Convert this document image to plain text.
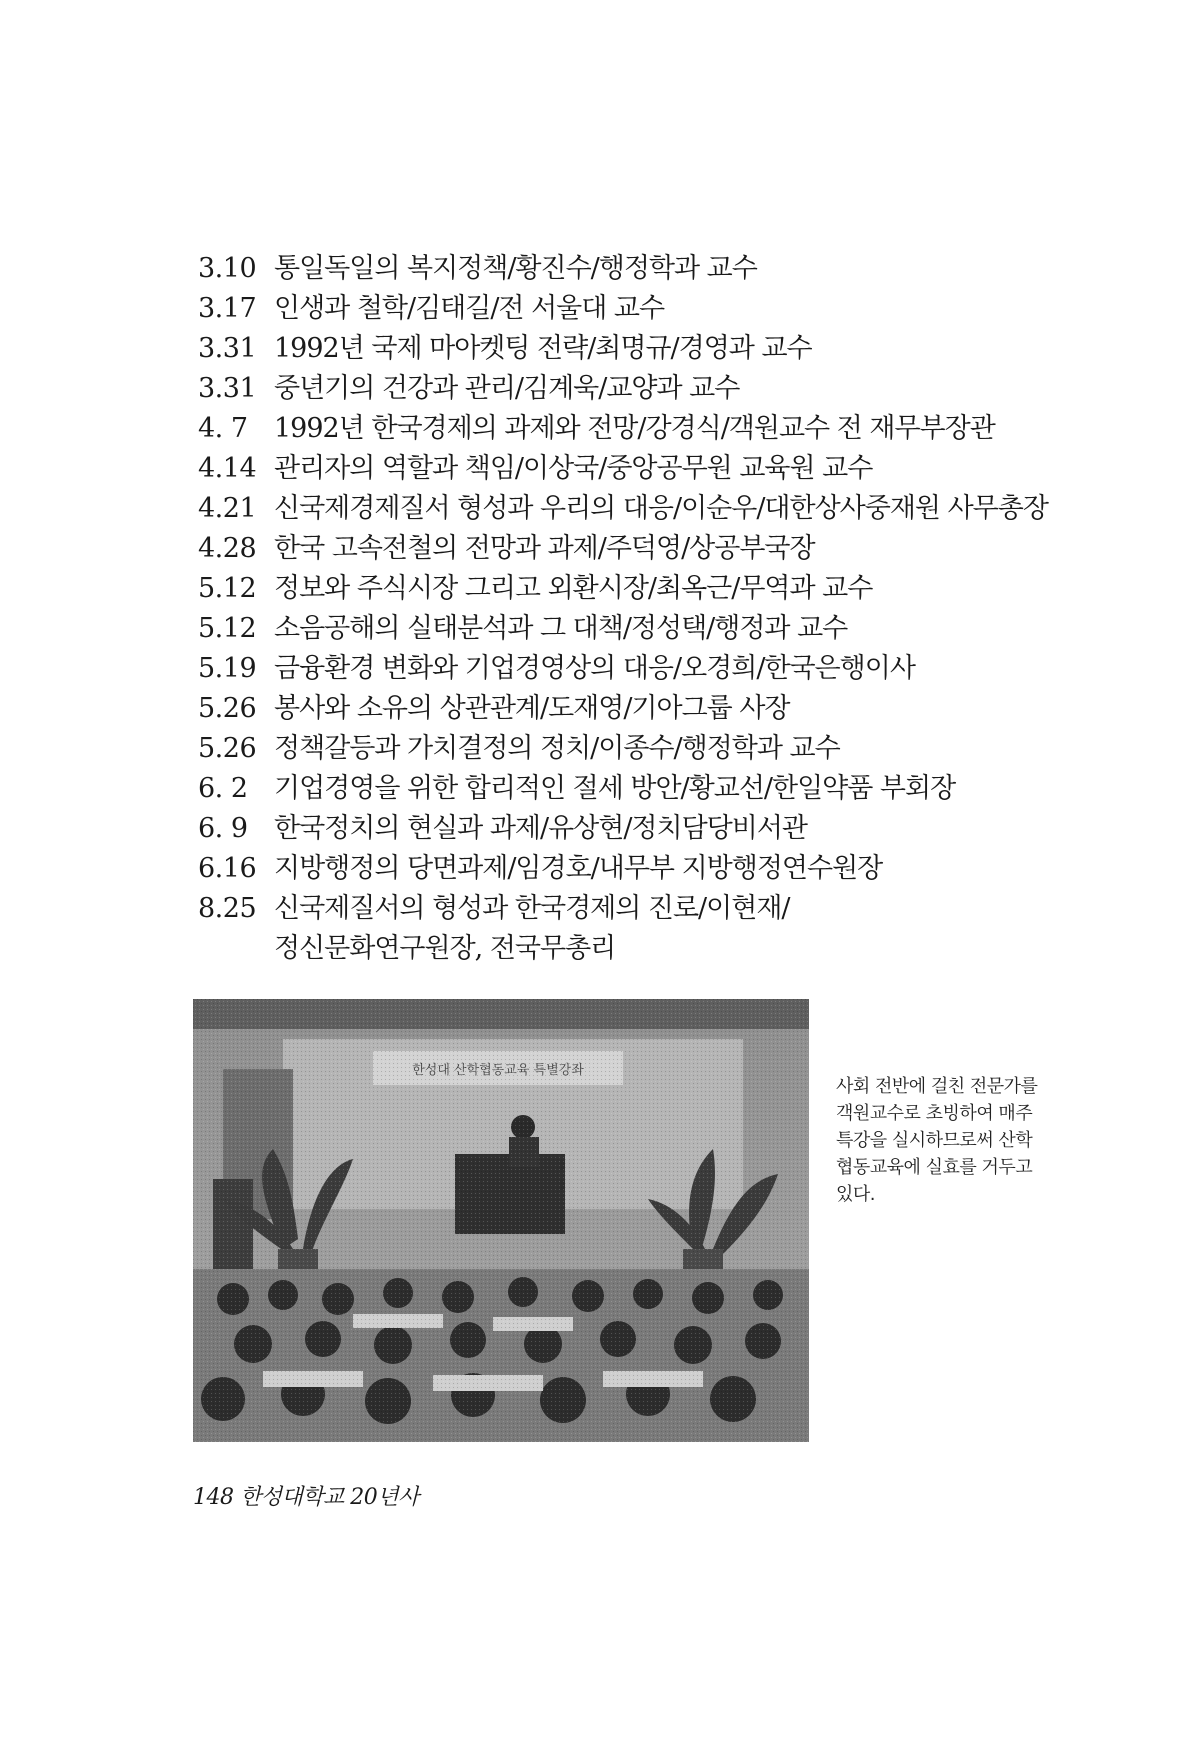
3.10 통일독일의 복지정책/황진수/행정학과 교수
3.17 인생과 철학/김태길/전 서울대 교수
3.31 1992년 국제 마아켓팅 전략/최명규/경영과 교수
3.31 중년기의 건강과 관리/김계욱/교양과 교수
4. 7 1992년 한국경제의 과제와 전망/강경식/객원교수 전 재무부장관
4.14 관리자의 역할과 책임/이상국/중앙공무원 교육원 교수
4.21 신국제경제질서 형성과 우리의 대응/이순우/대한상사중재원 사무총장
4.28 한국 고속전철의 전망과 과제/주덕영/상공부국장
5.12 정보와 주식시장 그리고 외환시장/최옥근/무역과 교수
5.12 소음공해의 실태분석과 그 대책/정성택/행정과 교수
5.19 금융환경 변화와 기업경영상의 대응/오경희/한국은행이사
5.26 봉사와 소유의 상관관계/도재영/기아그룹 사장
5.26 정책갈등과 가치결정의 정치/이종수/행정학과 교수
6. 2 기업경영을 위한 합리적인 절세 방안/황교선/한일약품 부회장
6. 9 한국정치의 현실과 과제/유상현/정치담당비서관
6.16 지방행정의 당면과제/임경호/내무부 지방행정연수원장
8.25 신국제질서의 형성과 한국경제의 진로/이현재/
정신문화연구원장, 전국무총리
사회 전반에 걸친 전문가를
객원교수로 초빙하여 매주
특강을 실시하므로써 산학
협동교육에 실효를 거두고
있다.
148 한성대학교 20년사
